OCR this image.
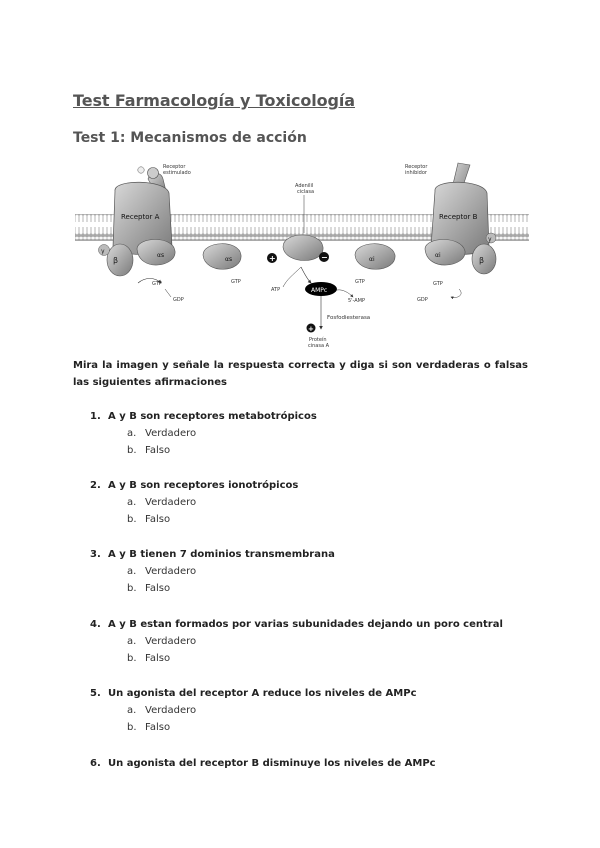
Test Farmacología y Toxicología
Test 1: Mecanismos de acción
Receptor A
β
γ
αs
Receptor B
αi
β
γ
αs	+	−	αi
Receptor
estimulado
Receptor
inhibidor
Adenilil
ciclasa
GTP
GDP
GTP	GTP	GTP
GDP
ATP	AMPc
5'-AMP
Fosfodiesterasa
+
Proteín
cinasa A

Mira la imagen y señale la respuesta correcta y diga si son verdaderas o falsas las siguientes afirmaciones

1. A y B son receptores metabotrópicos
a. Verdadero
b. Falso
2. A y B son receptores ionotrópicos
a. Verdadero
b. Falso
3. A y B tienen 7 dominios transmembrana
a. Verdadero
b. Falso
4. A y B estan formados por varias subunidades dejando un poro central
a. Verdadero
b. Falso
5. Un agonista del receptor A reduce los niveles de AMPc
a. Verdadero
b. Falso
6. Un agonista del receptor B disminuye los niveles de AMPc
